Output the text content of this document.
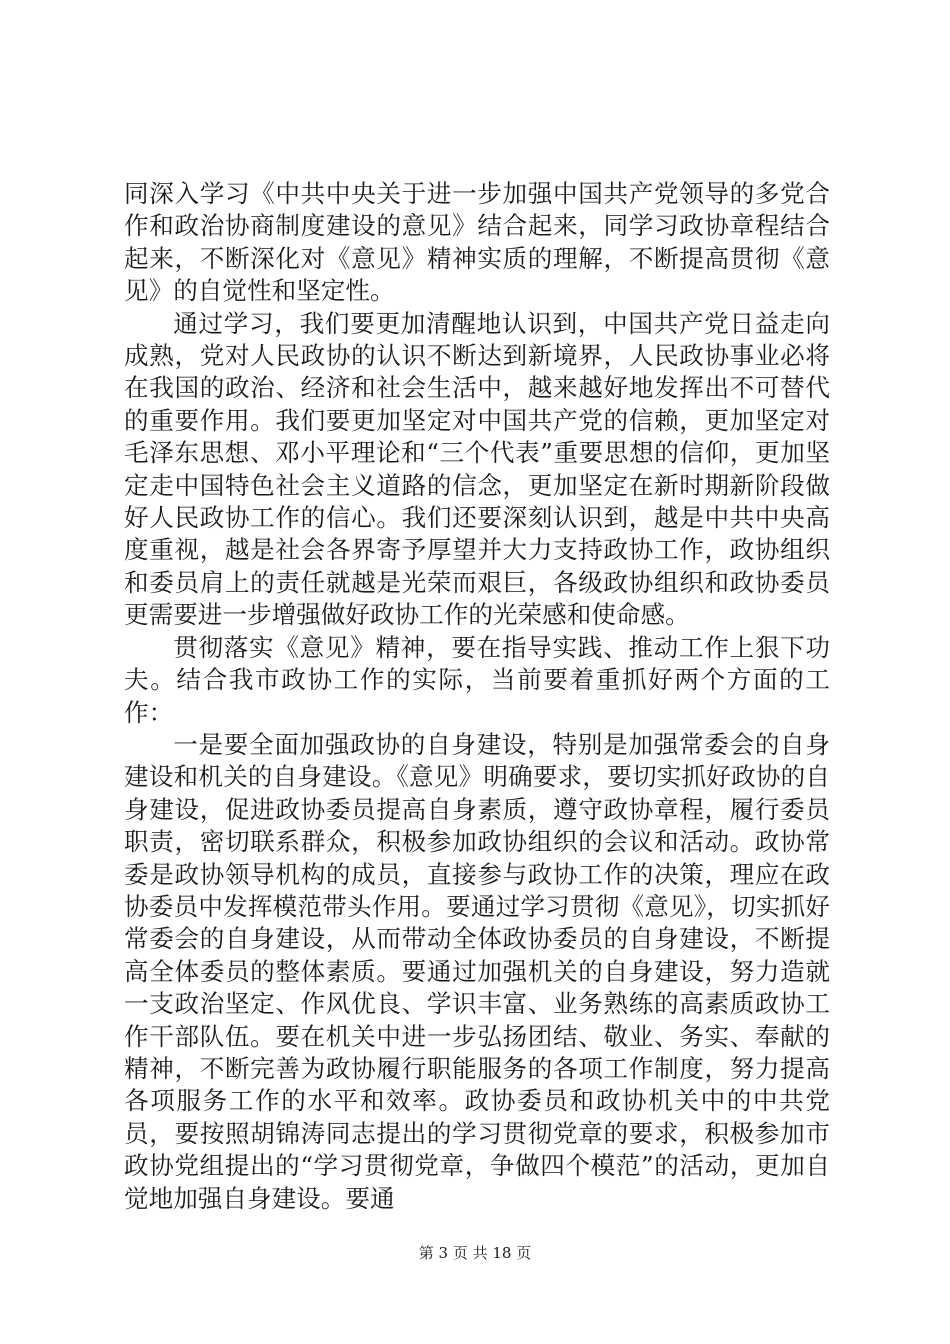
同深入学习《中共中央关于进一步加强中国共产党领导的多党合作和政治协商制度建设的意见》结合起来，同学习政协章程结合起来，不断深化对《意见》精神实质的理解，不断提高贯彻《意见》的自觉性和坚定性。

通过学习，我们要更加清醒地认识到，中国共产党日益走向成熟，党对人民政协的认识不断达到新境界，人民政协事业必将在我国的政治、经济和社会生活中，越来越好地发挥出不可替代的重要作用。我们要更加坚定对中国共产党的信赖，更加坚定对毛泽东思想、邓小平理论和“三个代表”重要思想的信仰，更加坚定走中国特色社会主义道路的信念，更加坚定在新时期新阶段做好人民政协工作的信心。我们还要深刻认识到，越是中共中央高度重视，越是社会各界寄予厚望并大力支持政协工作，政协组织和委员肩上的责任就越是光荣而艰巨，各级政协组织和政协委员更需要进一步增强做好政协工作的光荣感和使命感。

贯彻落实《意见》精神，要在指导实践、推动工作上狠下功夫。结合我市政协工作的实际，当前要着重抓好两个方面的工作：

一是要全面加强政协的自身建设，特别是加强常委会的自身建设和机关的自身建设。《意见》明确要求，要切实抓好政协的自身建设，促进政协委员提高自身素质，遵守政协章程，履行委员职责，密切联系群众，积极参加政协组织的会议和活动。政协常委是政协领导机构的成员，直接参与政协工作的决策，理应在政协委员中发挥模范带头作用。要通过学习贯彻《意见》，切实抓好常委会的自身建设，从而带动全体政协委员的自身建设，不断提高全体委员的整体素质。要通过加强机关的自身建设，努力造就一支政治坚定、作风优良、学识丰富、业务熟练的高素质政协工作干部队伍。要在机关中进一步弘扬团结、敬业、务实、奉献的精神，不断完善为政协履行职能服务的各项工作制度，努力提高各项服务工作的水平和效率。政协委员和政协机关中的中共党员，要按照胡锦涛同志提出的学习贯彻党章的要求，积极参加市政协党组提出的“学习贯彻党章，争做四个模范”的活动，更加自觉地加强自身建设。要通

第 3 页 共 18 页
